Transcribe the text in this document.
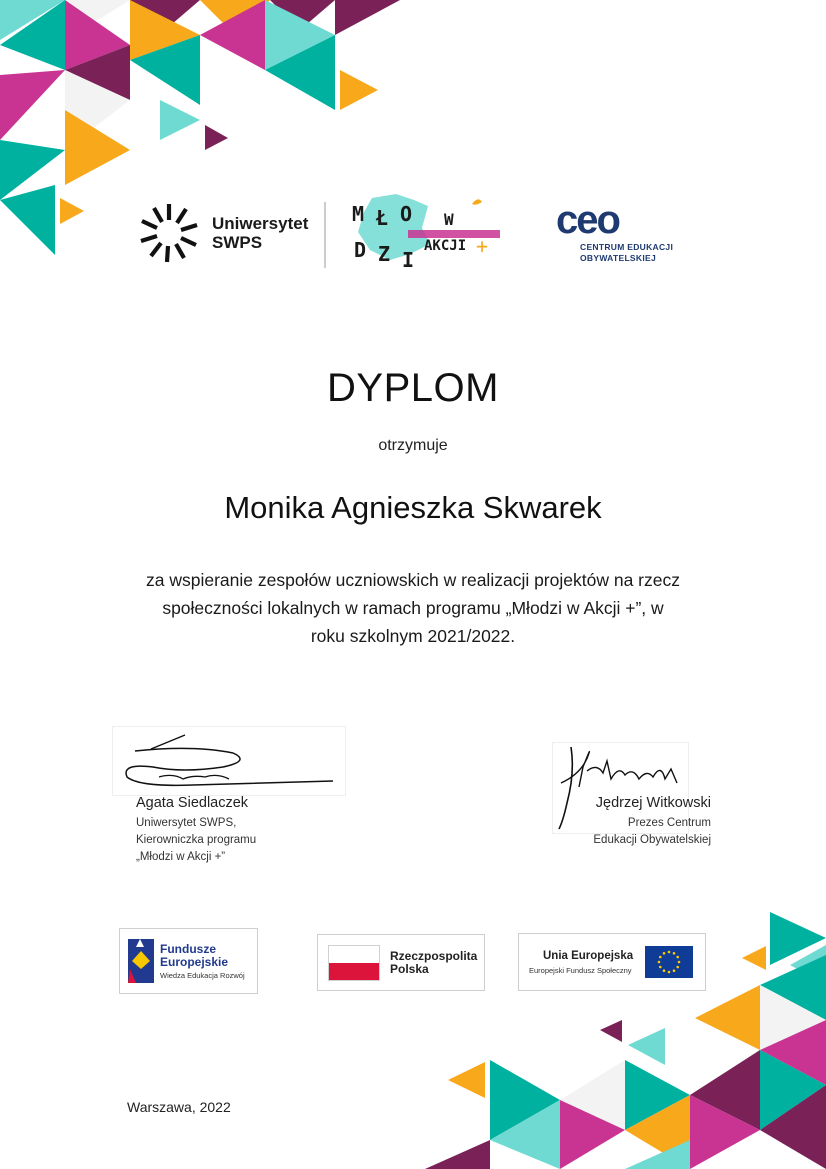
Uniwersytet
SWPS
M Ł O
D Z I
W
AKCJI +
ceo
CENTRUM EDUKACJI
OBYWATELSKIEJ
DYPLOM
otrzymuje
Monika Agnieszka Skwarek
za wspieranie zespołów uczniowskich w realizacji projektów na rzecz
społeczności lokalnych w ramach programu „Młodzi w Akcji +”, w
roku szkolnym 2021/2022.
Agata Siedlaczek
Uniwersytet SWPS,
Kierowniczka programu
„Młodzi w Akcji +”
Jędrzej Witkowski
Prezes Centrum
Edukacji Obywatelskiej
Fundusze
Europejskie
Wiedza Edukacja Rozwój
Rzeczpospolita
Polska
Unia Europejska
Europejski Fundusz Społeczny
Warszawa, 2022
